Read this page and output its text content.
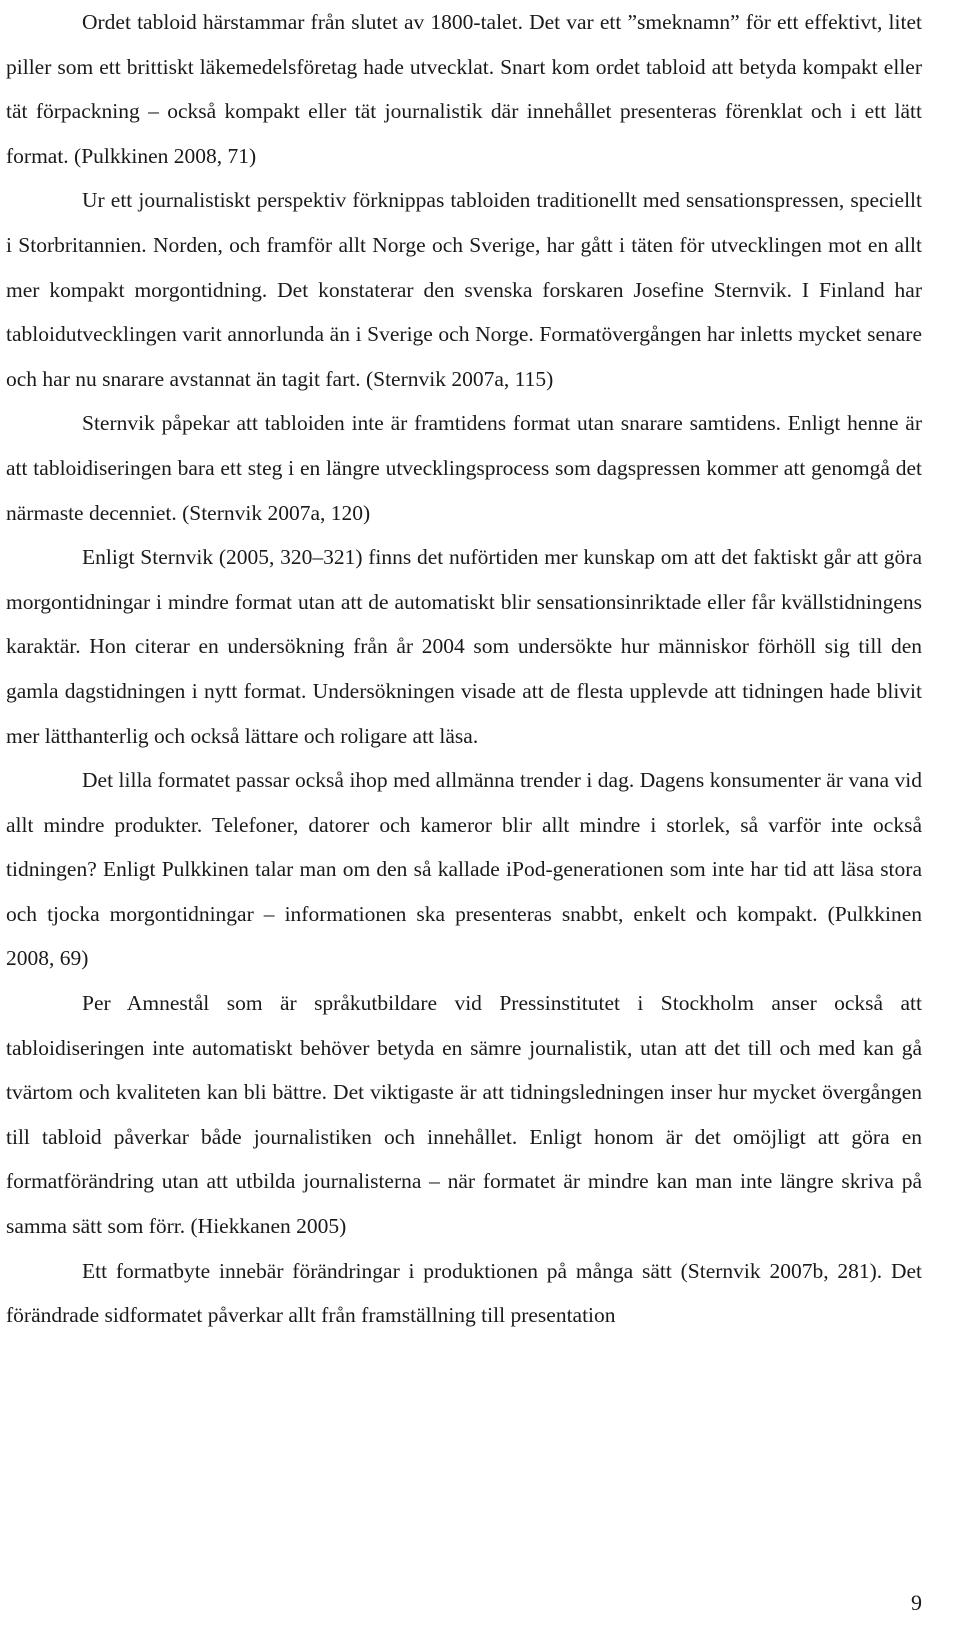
Ordet tabloid härstammar från slutet av 1800-talet. Det var ett ”smeknamn” för ett effektivt, litet piller som ett brittiskt läkemedelsföretag hade utvecklat. Snart kom ordet tabloid att betyda kompakt eller tät förpackning – också kompakt eller tät journalistik där innehållet presenteras förenklat och i ett lätt format. (Pulkkinen 2008, 71)

Ur ett journalistiskt perspektiv förknippas tabloiden traditionellt med sensationspressen, speciellt i Storbritannien. Norden, och framför allt Norge och Sverige, har gått i täten för utvecklingen mot en allt mer kompakt morgontidning. Det konstaterar den svenska forskaren Josefine Sternvik. I Finland har tabloidutvecklingen varit annorlunda än i Sverige och Norge. Formatövergången har inletts mycket senare och har nu snarare avstannat än tagit fart. (Sternvik 2007a, 115)

Sternvik påpekar att tabloiden inte är framtidens format utan snarare samtidens. Enligt henne är att tabloidiseringen bara ett steg i en längre utvecklingsprocess som dagspressen kommer att genomgå det närmaste decenniet. (Sternvik 2007a, 120)

Enligt Sternvik (2005, 320–321) finns det nuförtiden mer kunskap om att det faktiskt går att göra morgontidningar i mindre format utan att de automatiskt blir sensationsinriktade eller får kvällstidningens karaktär. Hon citerar en undersökning från år 2004 som undersökte hur människor förhöll sig till den gamla dagstidningen i nytt format. Undersökningen visade att de flesta upplevde att tidningen hade blivit mer lätthanterlig och också lättare och roligare att läsa.

Det lilla formatet passar också ihop med allmänna trender i dag. Dagens konsumenter är vana vid allt mindre produkter. Telefoner, datorer och kameror blir allt mindre i storlek, så varför inte också tidningen? Enligt Pulkkinen talar man om den så kallade iPod-generationen som inte har tid att läsa stora och tjocka morgontidningar – informationen ska presenteras snabbt, enkelt och kompakt. (Pulkkinen 2008, 69)

Per Amnestål som är språkutbildare vid Pressinstitutet i Stockholm anser också att tabloidiseringen inte automatiskt behöver betyda en sämre journalistik, utan att det till och med kan gå tvärtom och kvaliteten kan bli bättre. Det viktigaste är att tidningsledningen inser hur mycket övergången till tabloid påverkar både journalistiken och innehållet. Enligt honom är det omöjligt att göra en formatförändring utan att utbilda journalisterna – när formatet är mindre kan man inte längre skriva på samma sätt som förr. (Hiekkanen 2005)

Ett formatbyte innebär förändringar i produktionen på många sätt (Sternvik 2007b, 281). Det förändrade sidformatet påverkar allt från framställning till presentation

9
